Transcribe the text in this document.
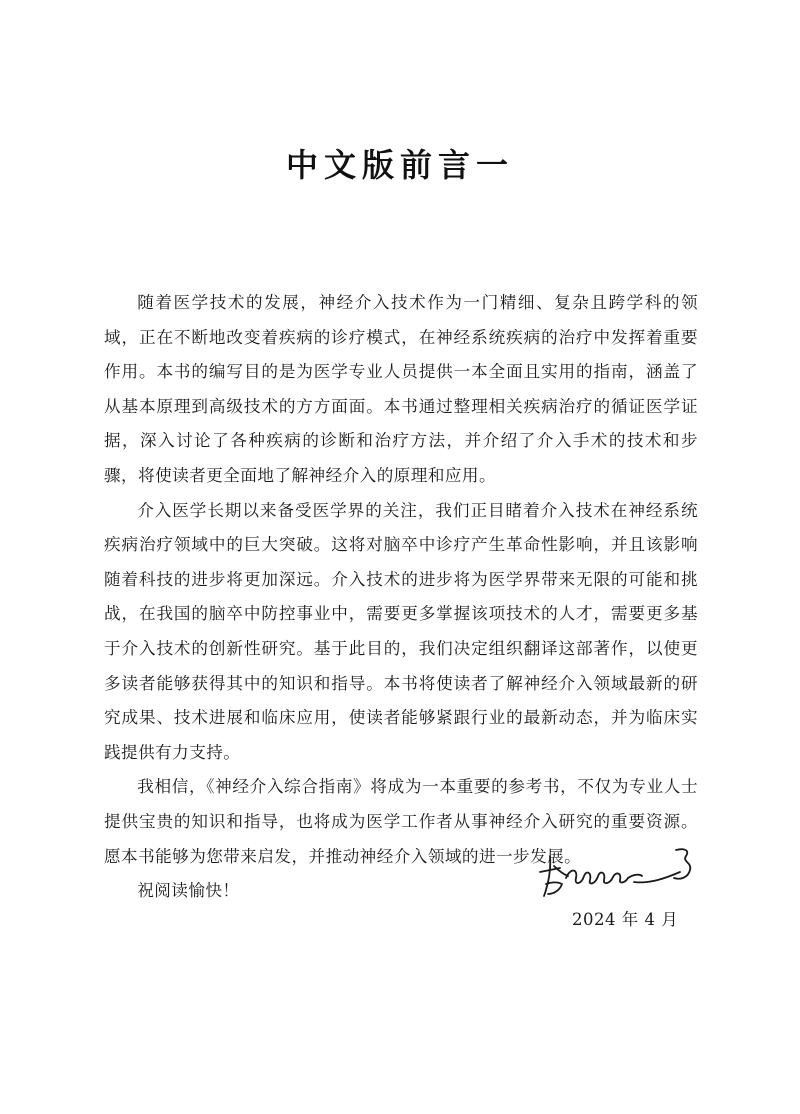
中文版前言一

随着医学技术的发展，神经介入技术作为一门精细、复杂且跨学科的领域，正在不断地改变着疾病的诊疗模式，在神经系统疾病的治疗中发挥着重要作用。本书的编写目的是为医学专业人员提供一本全面且实用的指南，涵盖了从基本原理到高级技术的方方面面。本书通过整理相关疾病治疗的循证医学证据，深入讨论了各种疾病的诊断和治疗方法，并介绍了介入手术的技术和步骤，将使读者更全面地了解神经介入的原理和应用。

介入医学长期以来备受医学界的关注，我们正目睹着介入技术在神经系统疾病治疗领域中的巨大突破。这将对脑卒中诊疗产生革命性影响，并且该影响随着科技的进步将更加深远。介入技术的进步将为医学界带来无限的可能和挑战，在我国的脑卒中防控事业中，需要更多掌握该项技术的人才，需要更多基于介入技术的创新性研究。基于此目的，我们决定组织翻译这部著作，以使更多读者能够获得其中的知识和指导。本书将使读者了解神经介入领域最新的研究成果、技术进展和临床应用，使读者能够紧跟行业的最新动态，并为临床实践提供有力支持。

我相信，《神经介入综合指南》将成为一本重要的参考书，不仅为专业人士提供宝贵的知识和指导，也将成为医学工作者从事神经介入研究的重要资源。愿本书能够为您带来启发，并推动神经介入领域的进一步发展。

祝阅读愉快！

2024 年 4 月
